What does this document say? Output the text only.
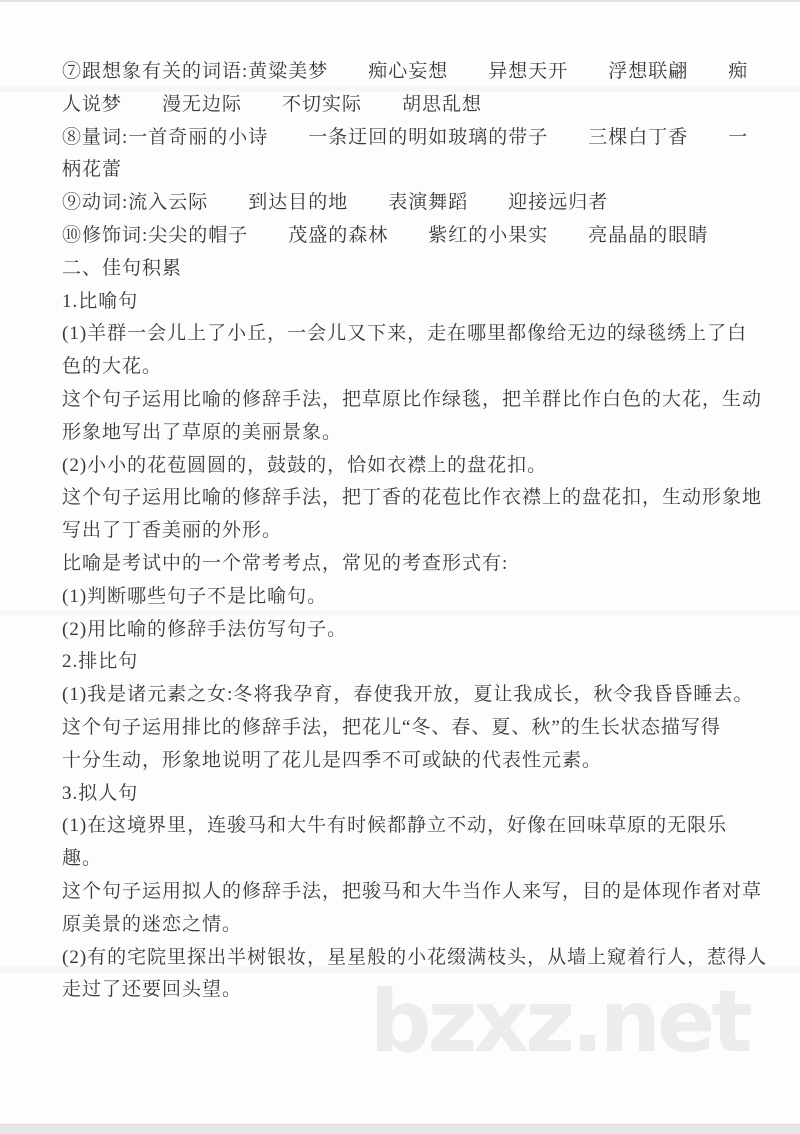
bzxz.net
⑦跟想象有关的词语:黄粱美梦　　痴心妄想　　异想天开　　浮想联翩　　痴
人说梦　　漫无边际　　不切实际　　胡思乱想
⑧量词:一首奇丽的小诗　　一条迂回的明如玻璃的带子　　三棵白丁香　　一
柄花蕾
⑨动词:流入云际　　到达目的地　　表演舞蹈　　迎接远归者
⑩修饰词:尖尖的帽子　　茂盛的森林　　紫红的小果实　　亮晶晶的眼睛
二、佳句积累
1.比喻句
(1)羊群一会儿上了小丘，一会儿又下来，走在哪里都像给无边的绿毯绣上了白
色的大花。
这个句子运用比喻的修辞手法，把草原比作绿毯，把羊群比作白色的大花，生动
形象地写出了草原的美丽景象。
(2)小小的花苞圆圆的，鼓鼓的，恰如衣襟上的盘花扣。
这个句子运用比喻的修辞手法，把丁香的花苞比作衣襟上的盘花扣，生动形象地
写出了丁香美丽的外形。
比喻是考试中的一个常考考点，常见的考查形式有:
(1)判断哪些句子不是比喻句。
(2)用比喻的修辞手法仿写句子。
2.排比句
(1)我是诸元素之女:冬将我孕育，春使我开放，夏让我成长，秋令我昏昏睡去。
这个句子运用排比的修辞手法，把花儿“冬、春、夏、秋”的生长状态描写得
十分生动，形象地说明了花儿是四季不可或缺的代表性元素。
3.拟人句
(1)在这境界里，连骏马和大牛有时候都静立不动，好像在回味草原的无限乐
趣。
这个句子运用拟人的修辞手法，把骏马和大牛当作人来写，目的是体现作者对草
原美景的迷恋之情。
(2)有的宅院里探出半树银妆，星星般的小花缀满枝头，从墙上窥着行人，惹得人
走过了还要回头望。
